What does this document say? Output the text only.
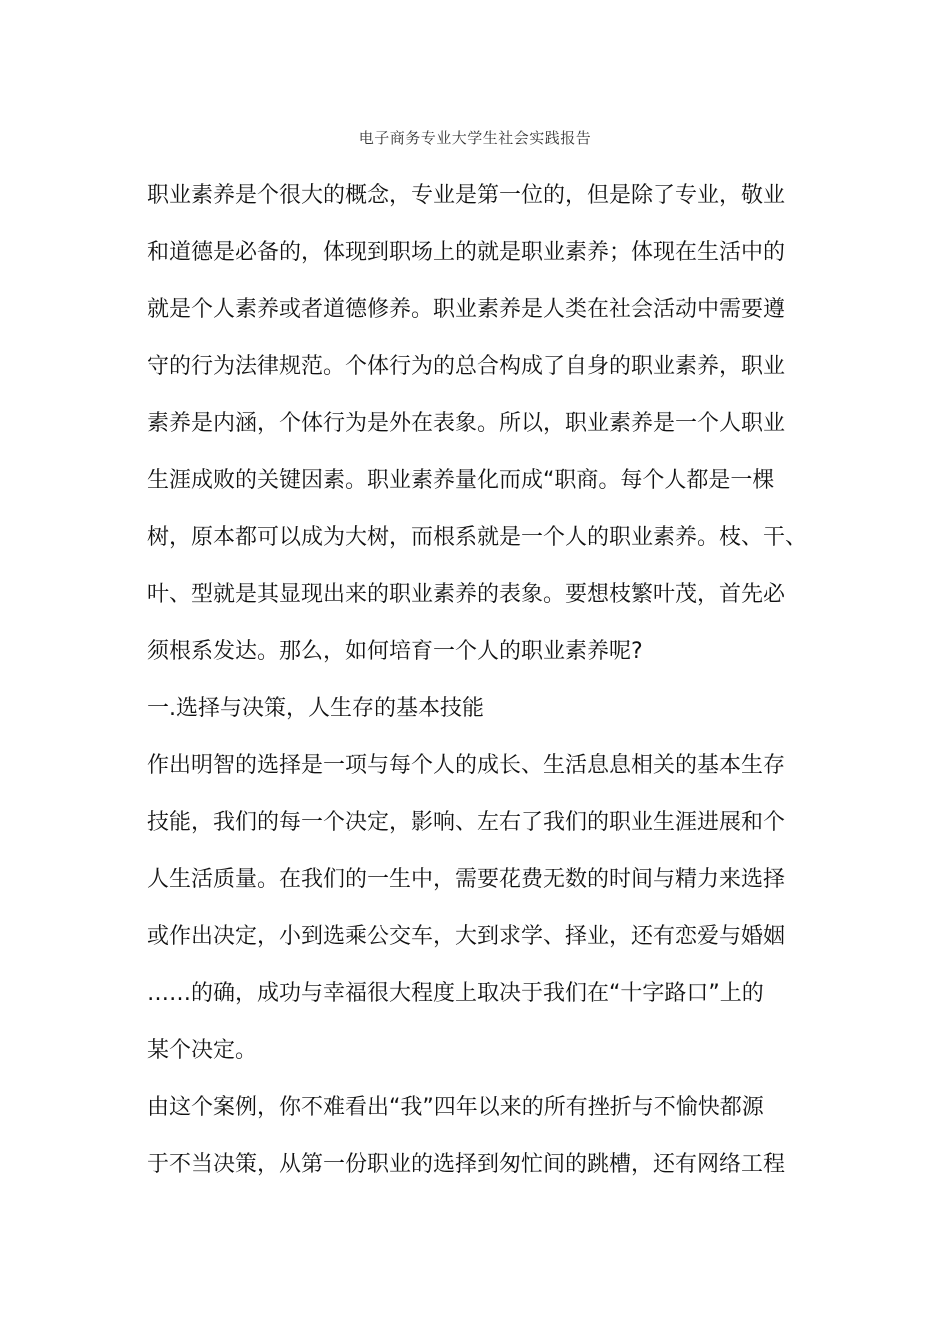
电子商务专业大学生社会实践报告
职业素养是个很大的概念，专业是第一位的，但是除了专业，敬业
和道德是必备的，体现到职场上的就是职业素养；体现在生活中的
就是个人素养或者道德修养。职业素养是人类在社会活动中需要遵
守的行为法律规范。个体行为的总合构成了自身的职业素养，职业
素养是内涵，个体行为是外在表象。所以，职业素养是一个人职业
生涯成败的关键因素。职业素养量化而成“职商。每个人都是一棵
树，原本都可以成为大树，而根系就是一个人的职业素养。枝、干、
叶、型就是其显现出来的职业素养的表象。要想枝繁叶茂，首先必
须根系发达。那么，如何培育一个人的职业素养呢?
一.选择与决策，人生存的基本技能
作出明智的选择是一项与每个人的成长、生活息息相关的基本生存
技能，我们的每一个决定，影响、左右了我们的职业生涯进展和个
人生活质量。在我们的一生中，需要花费无数的时间与精力来选择
或作出决定，小到选乘公交车，大到求学、择业，还有恋爱与婚姻
……的确，成功与幸福很大程度上取决于我们在“十字路口”上的
某个决定。
由这个案例，你不难看出“我”四年以来的所有挫折与不愉快都源
于不当决策，从第一份职业的选择到匆忙间的跳槽，还有网络工程
